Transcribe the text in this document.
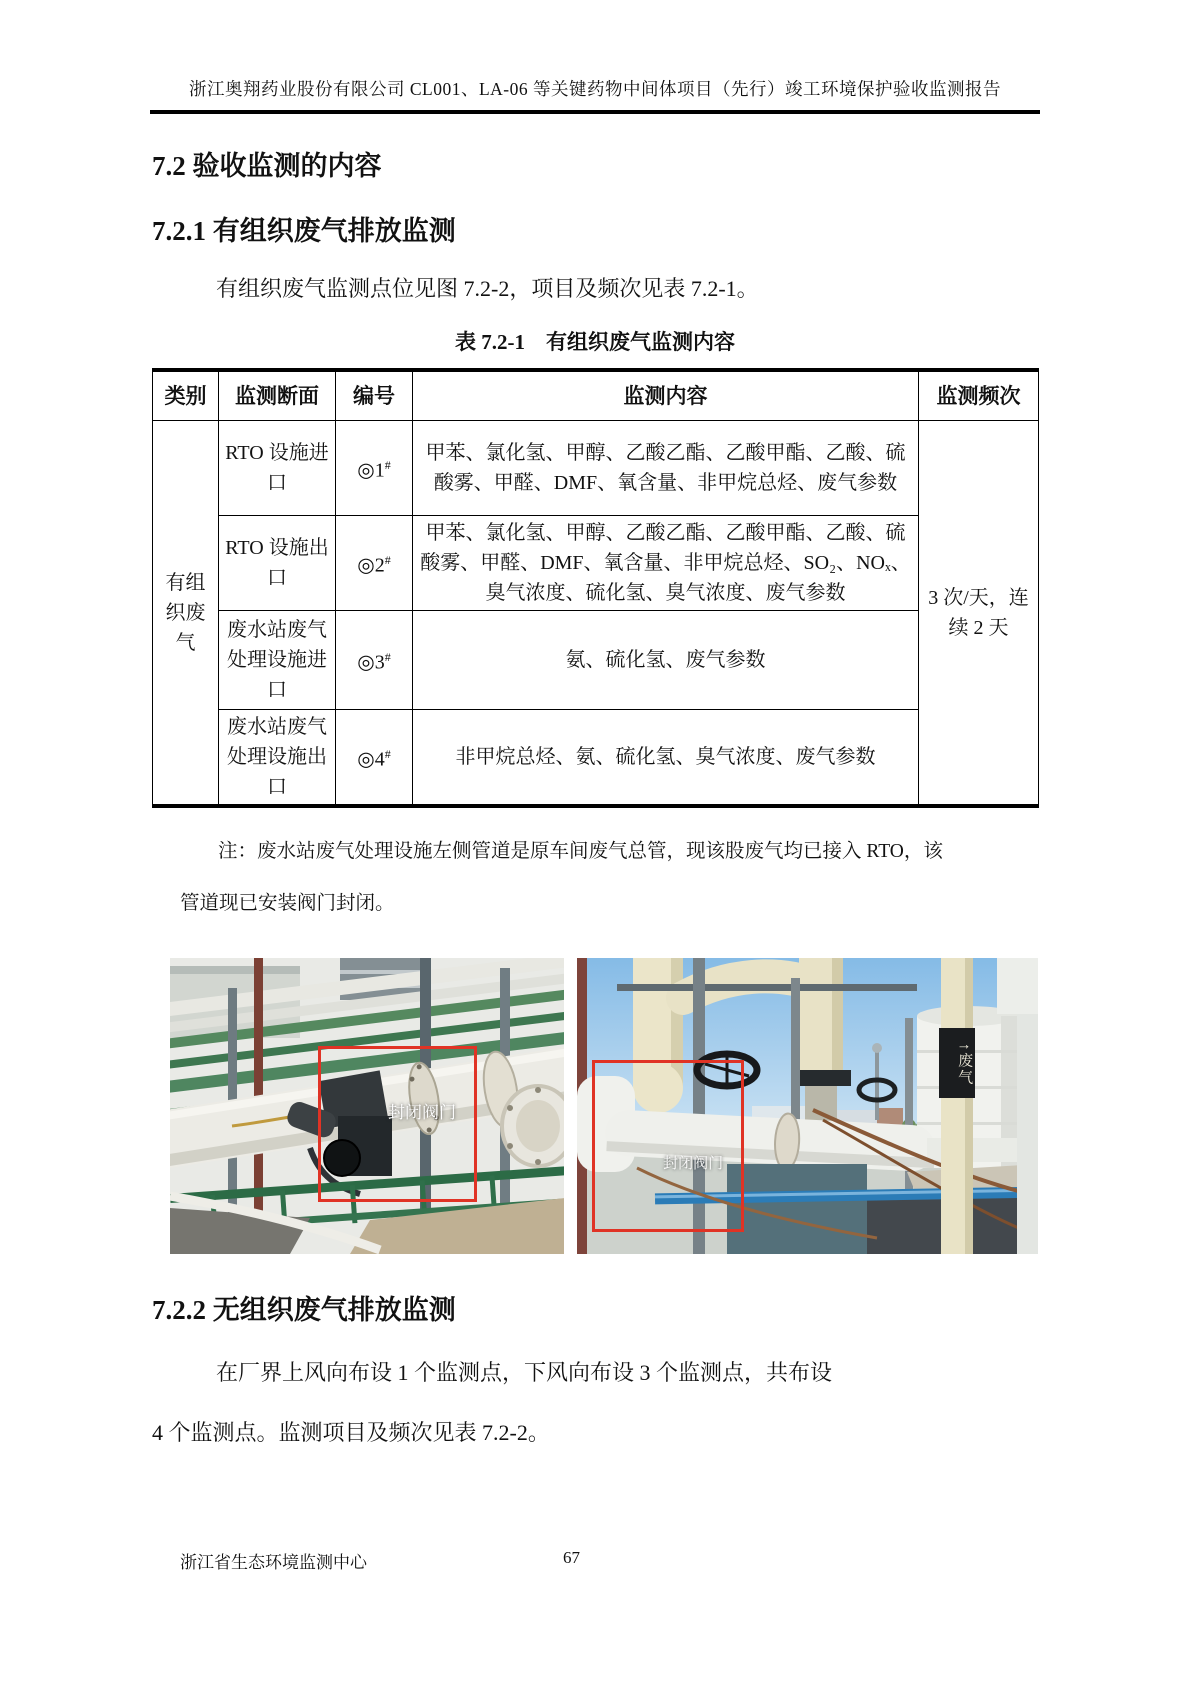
浙江奥翔药业股份有限公司 CL001、LA-06 等关键药物中间体项目（先行）竣工环境保护验收监测报告
7.2 验收监测的内容
7.2.1 有组织废气排放监测
有组织废气监测点位见图 7.2-2，项目及频次见表 7.2-1。
表 7.2-1　有组织废气监测内容
类别	监测断面	编号	监测内容	监测频次
有组织废气	RTO 设施进口	◎1#	甲苯、氯化氢、甲醇、乙酸乙酯、乙酸甲酯、乙酸、硫酸雾、甲醛、DMF、氧含量、非甲烷总烃、废气参数	3 次/天，连续 2 天
	RTO 设施出口	◎2#	甲苯、氯化氢、甲醇、乙酸乙酯、乙酸甲酯、乙酸、硫酸雾、甲醛、DMF、氧含量、非甲烷总烃、SO₂、NOₓ、臭气浓度、硫化氢、臭气浓度、废气参数	
	废水站废气处理设施进口	◎3#	氨、硫化氢、废气参数	
	废水站废气处理设施出口	◎4#	非甲烷总烃、氨、硫化氢、臭气浓度、废气参数	
注：废水站废气处理设施左侧管道是原车间废气总管，现该股废气均已接入 RTO，该
管道现已安装阀门封闭。
封闭阀门
封闭阀门
↑废气
7.2.2 无组织废气排放监测
在厂界上风向布设 1 个监测点，下风向布设 3 个监测点，共布设
4 个监测点。监测项目及频次见表 7.2-2。
浙江省生态环境监测中心	67
